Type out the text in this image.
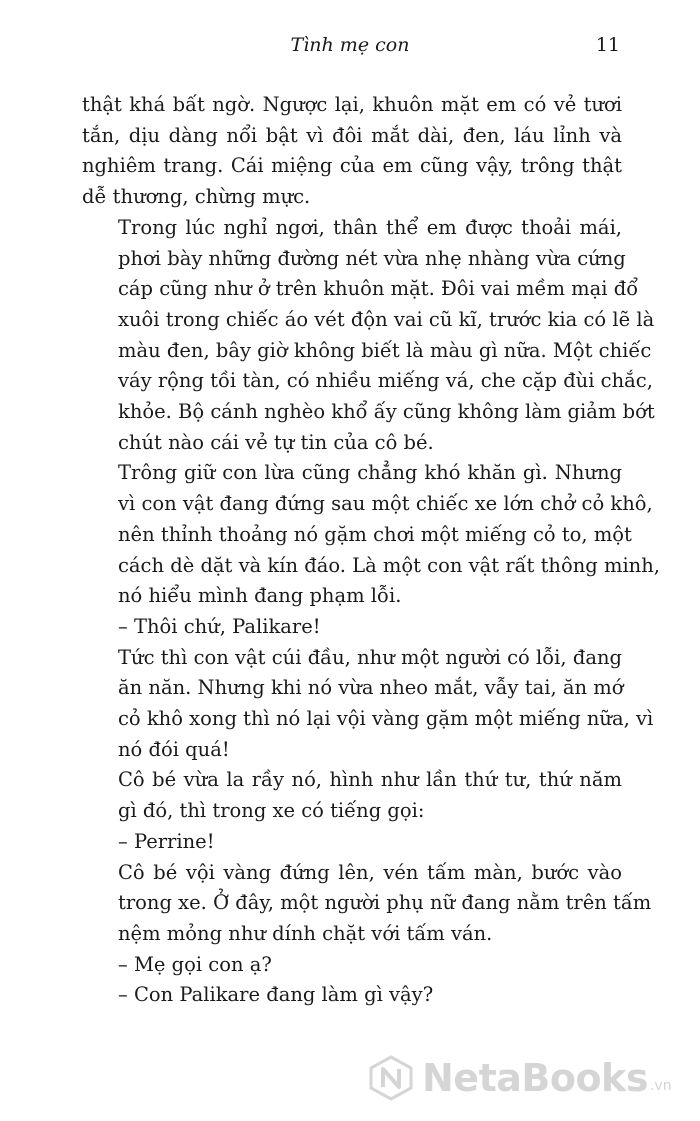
Tình mẹ con	11

thật khá bất ngờ. Ngược lại, khuôn mặt em có vẻ tươi
tắn, dịu dàng nổi bật vì đôi mắt dài, đen, láu lỉnh và
nghiêm trang. Cái miệng của em cũng vậy, trông thật
dễ thương, chừng mực.

Trong lúc nghỉ ngơi, thân thể em được thoải mái,
phơi bày những đường nét vừa nhẹ nhàng vừa cứng
cáp cũng như ở trên khuôn mặt. Đôi vai mềm mại đổ
xuôi trong chiếc áo vét độn vai cũ kĩ, trước kia có lẽ là
màu đen, bây giờ không biết là màu gì nữa. Một chiếc
váy rộng tồi tàn, có nhiều miếng vá, che cặp đùi chắc,
khỏe. Bộ cánh nghèo khổ ấy cũng không làm giảm bớt
chút nào cái vẻ tự tin của cô bé.

Trông giữ con lừa cũng chẳng khó khăn gì. Nhưng
vì con vật đang đứng sau một chiếc xe lớn chở cỏ khô,
nên thỉnh thoảng nó gặm chơi một miếng cỏ to, một
cách dè dặt và kín đáo. Là một con vật rất thông minh,
nó hiểu mình đang phạm lỗi.

– Thôi chứ, Palikare!

Tức thì con vật cúi đầu, như một người có lỗi, đang
ăn năn. Nhưng khi nó vừa nheo mắt, vẫy tai, ăn mớ
cỏ khô xong thì nó lại vội vàng gặm một miếng nữa, vì
nó đói quá!

Cô bé vừa la rầy nó, hình như lần thứ tư, thứ năm
gì đó, thì trong xe có tiếng gọi:

– Perrine!

Cô bé vội vàng đứng lên, vén tấm màn, bước vào
trong xe. Ở đây, một người phụ nữ đang nằm trên tấm
nệm mỏng như dính chặt với tấm ván.

– Mẹ gọi con ạ?

– Con Palikare đang làm gì vậy?

NetaBooks .vn
